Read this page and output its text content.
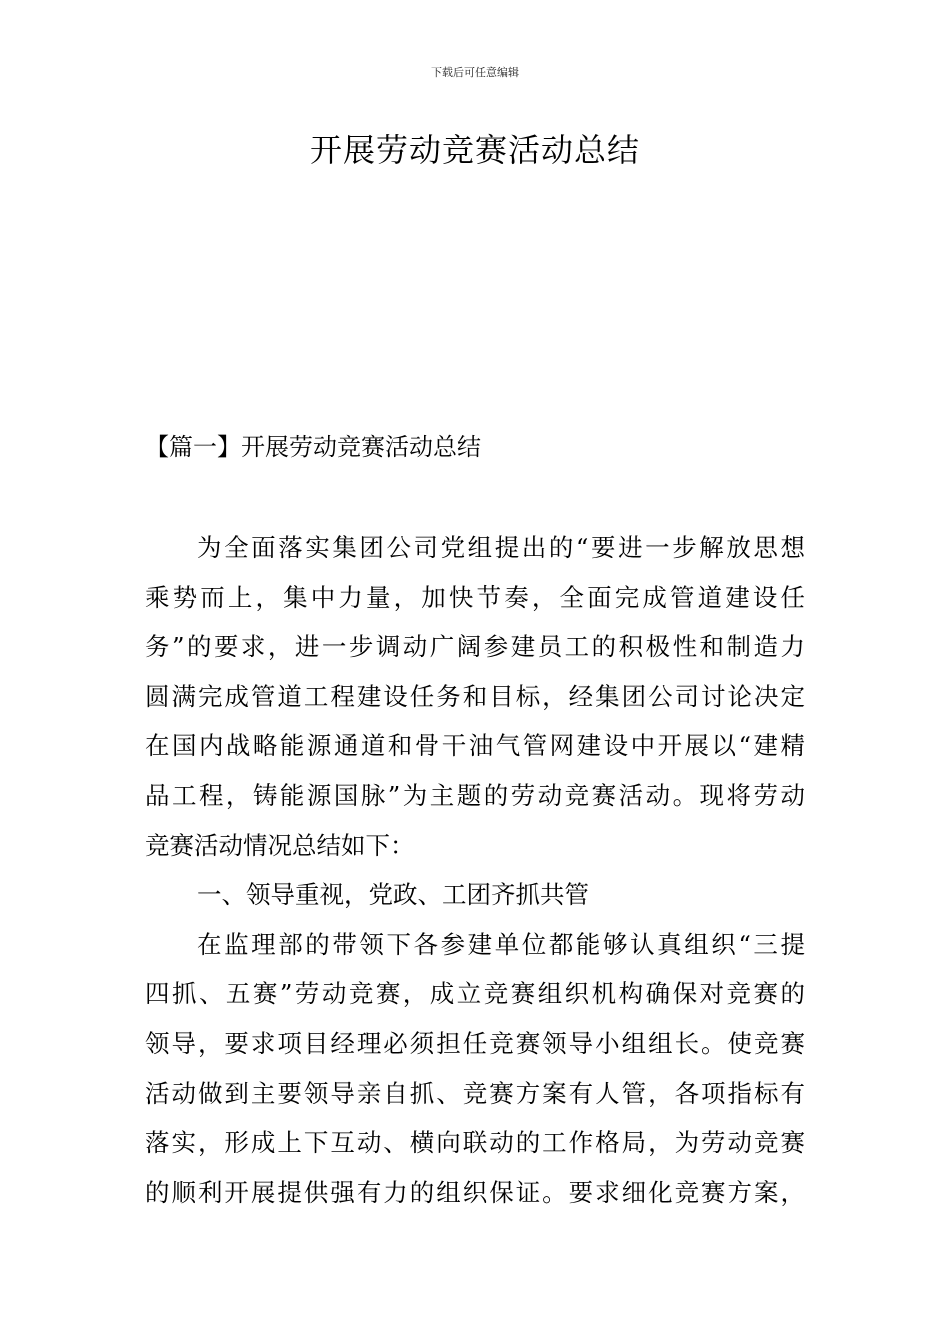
下载后可任意编辑
开展劳动竞赛活动总结
【篇一】开展劳动竞赛活动总结
为全面落实集团公司党组提出的“要进一步解放思想
乘势而上，集中力量，加快节奏，全面完成管道建设任
务”的要求，进一步调动广阔参建员工的积极性和制造力
圆满完成管道工程建设任务和目标，经集团公司讨论决定
在国内战略能源通道和骨干油气管网建设中开展以“建精
品工程，铸能源国脉”为主题的劳动竞赛活动。现将劳动
竞赛活动情况总结如下：
一、领导重视，党政、工团齐抓共管
在监理部的带领下各参建单位都能够认真组织“三提
四抓、五赛”劳动竞赛，成立竞赛组织机构确保对竞赛的
领导，要求项目经理必须担任竞赛领导小组组长。使竞赛
活动做到主要领导亲自抓、竞赛方案有人管，各项指标有
落实，形成上下互动、横向联动的工作格局，为劳动竞赛
的顺利开展提供强有力的组织保证。要求细化竞赛方案，
